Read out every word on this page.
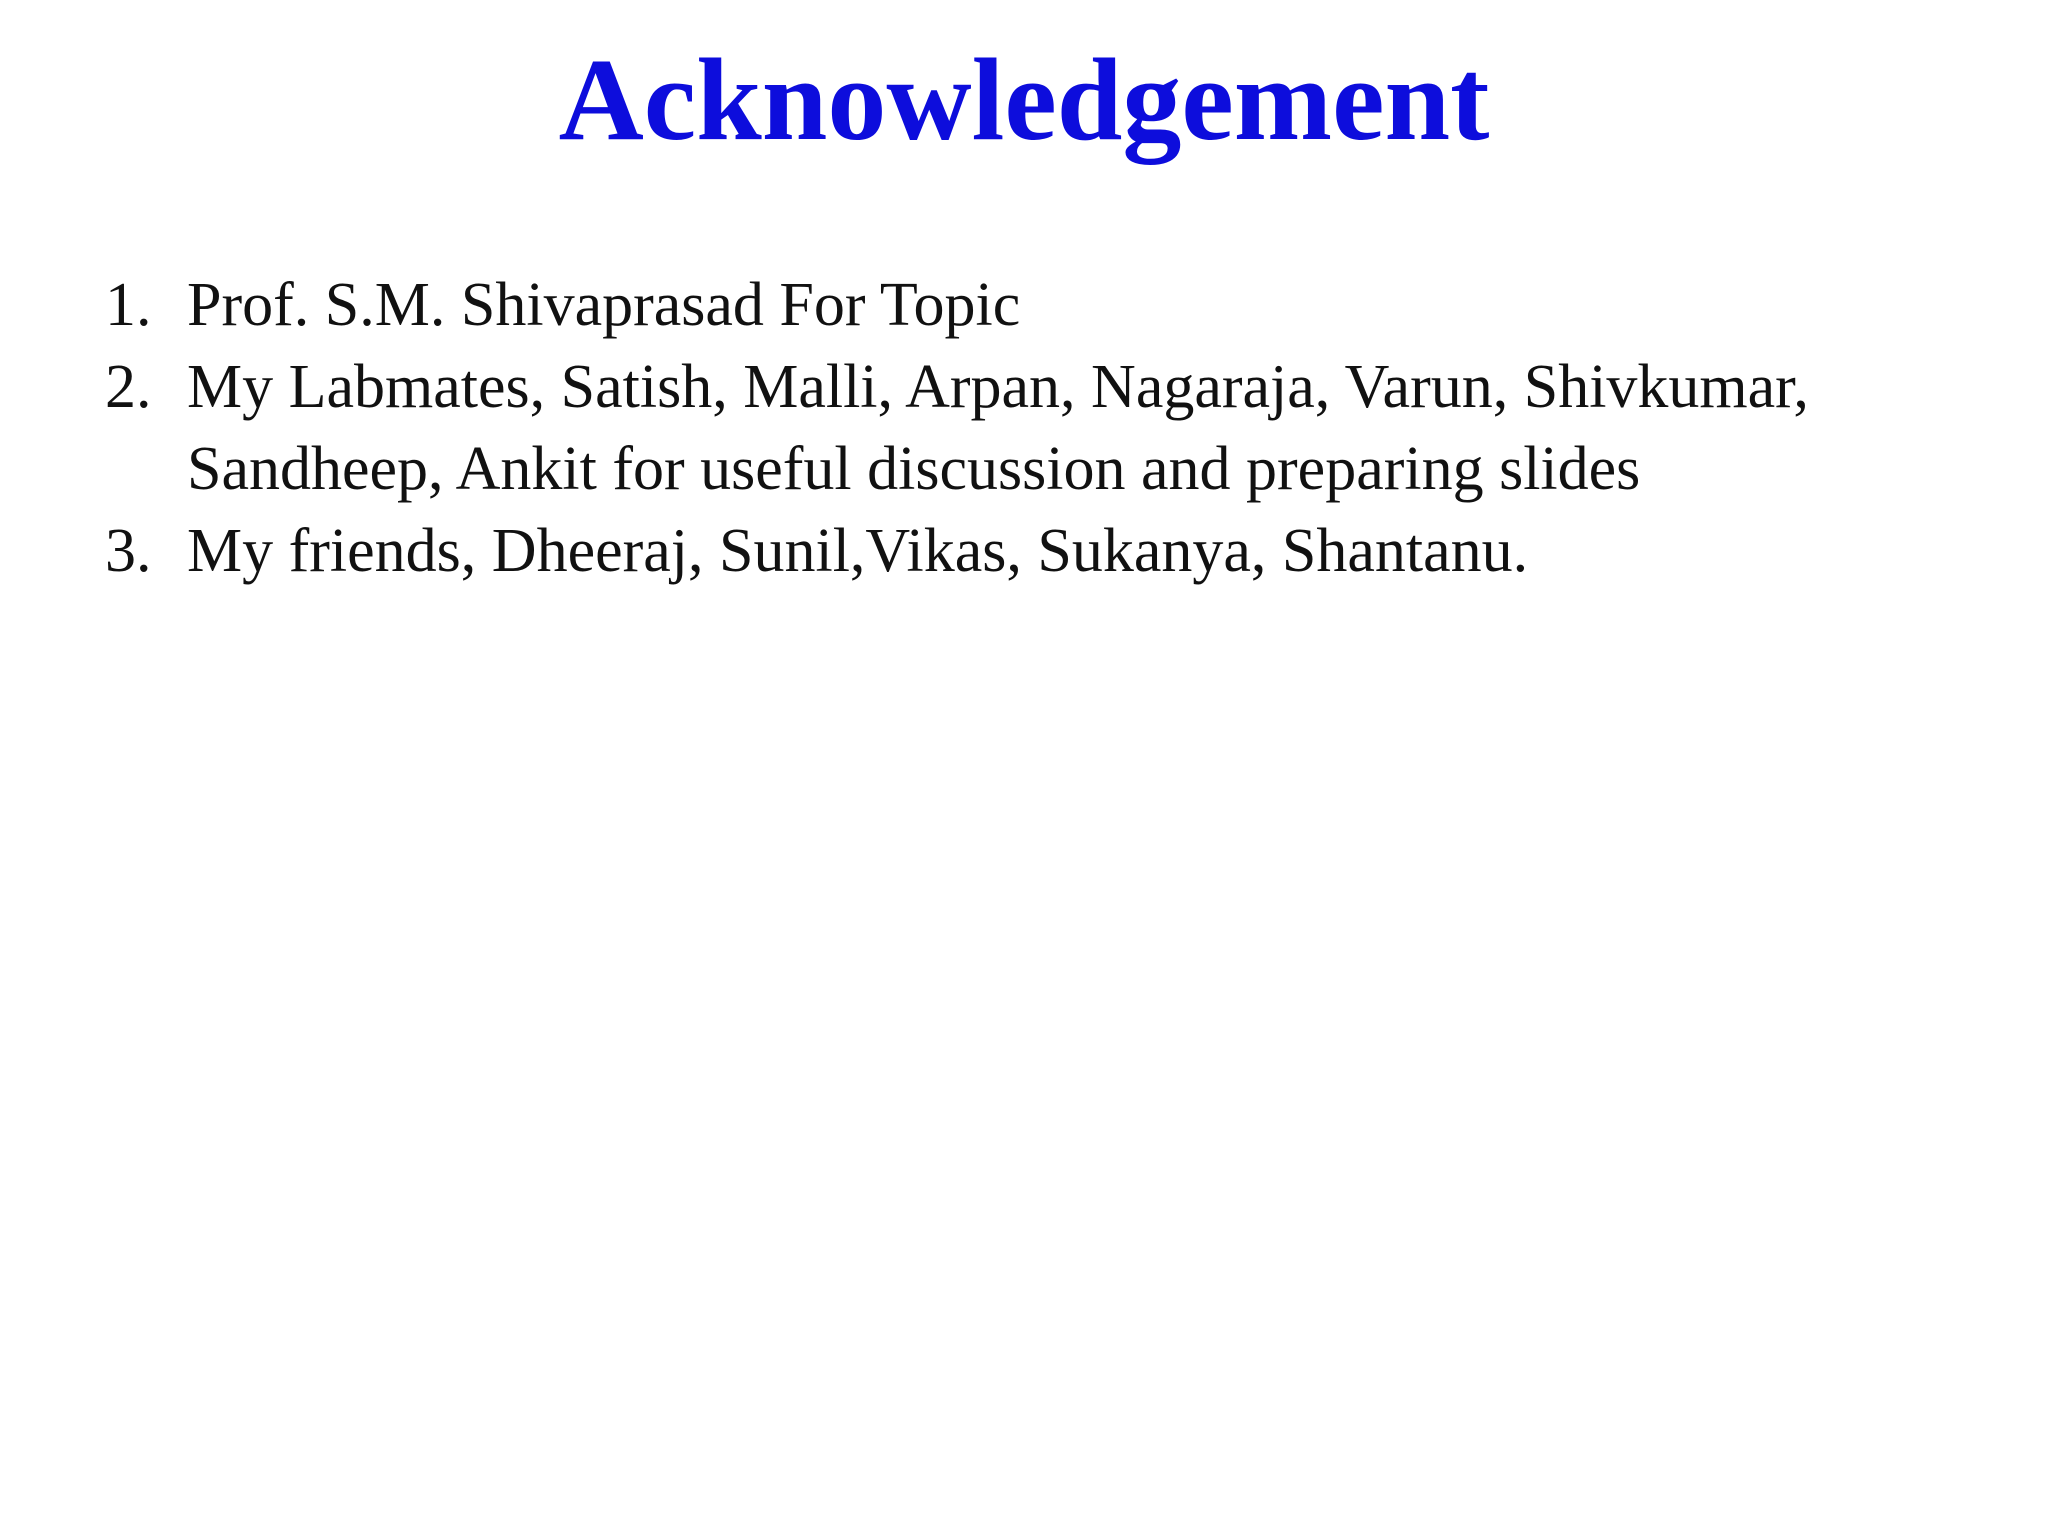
Acknowledgement
1. Prof. S.M. Shivaprasad For Topic
2. My Labmates, Satish, Malli, Arpan, Nagaraja, Varun, Shivkumar,
Sandheep, Ankit for useful discussion and preparing slides
3. My friends, Dheeraj, Sunil,Vikas, Sukanya, Shantanu.
